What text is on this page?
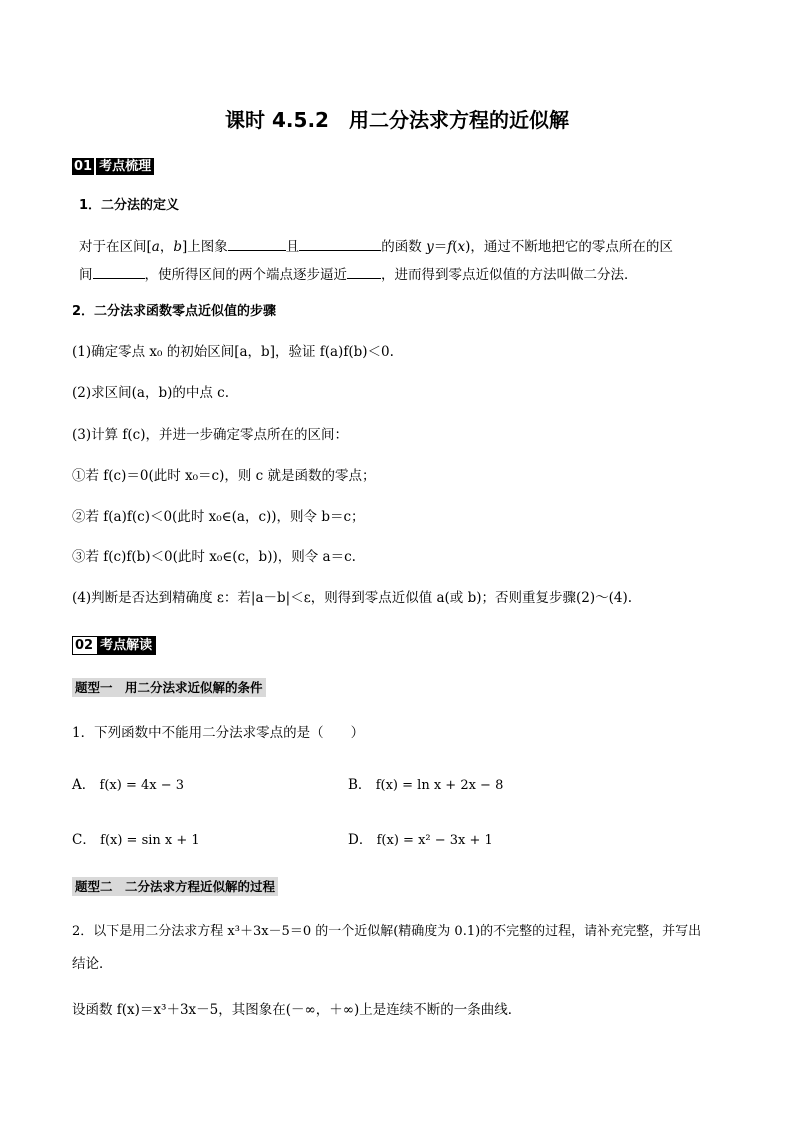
课时 4.5.2　用二分法求方程的近似解
01 考点梳理
1．二分法的定义
对于在区间[a，b]上图象	且	的函数 y＝f(x)，通过不断地把它的零点所在的区
间	，使所得区间的两个端点逐步逼近	，进而得到零点近似值的方法叫做二分法．
2．二分法求函数零点近似值的步骤
(1)确定零点 x₀ 的初始区间[a，b]，验证 f(a)f(b)＜0.
(2)求区间(a，b)的中点 c.
(3)计算 f(c)，并进一步确定零点所在的区间：
①若 f(c)＝0(此时 x₀＝c)，则 c 就是函数的零点；
②若 f(a)f(c)＜0(此时 x₀∈(a，c))，则令 b＝c；
③若 f(c)f(b)＜0(此时 x₀∈(c，b))，则令 a＝c.
(4)判断是否达到精确度 ε：若|a－b|＜ε，则得到零点近似值 a(或 b)；否则重复步骤(2)～(4).
02 考点解读
题型一　用二分法求近似解的条件
1．下列函数中不能用二分法求零点的是（　　）
A． f(x) = 4x − 3	B． f(x) = ln x + 2x − 8
C． f(x) = sin x + 1	D． f(x) = x² − 3x + 1
题型二　二分法求方程近似解的过程
2．以下是用二分法求方程 x³＋3x－5＝0 的一个近似解(精确度为 0.1)的不完整的过程，请补充完整，并写出
结论．
设函数 f(x)＝x³＋3x－5，其图象在(－∞，＋∞)上是连续不断的一条曲线．
